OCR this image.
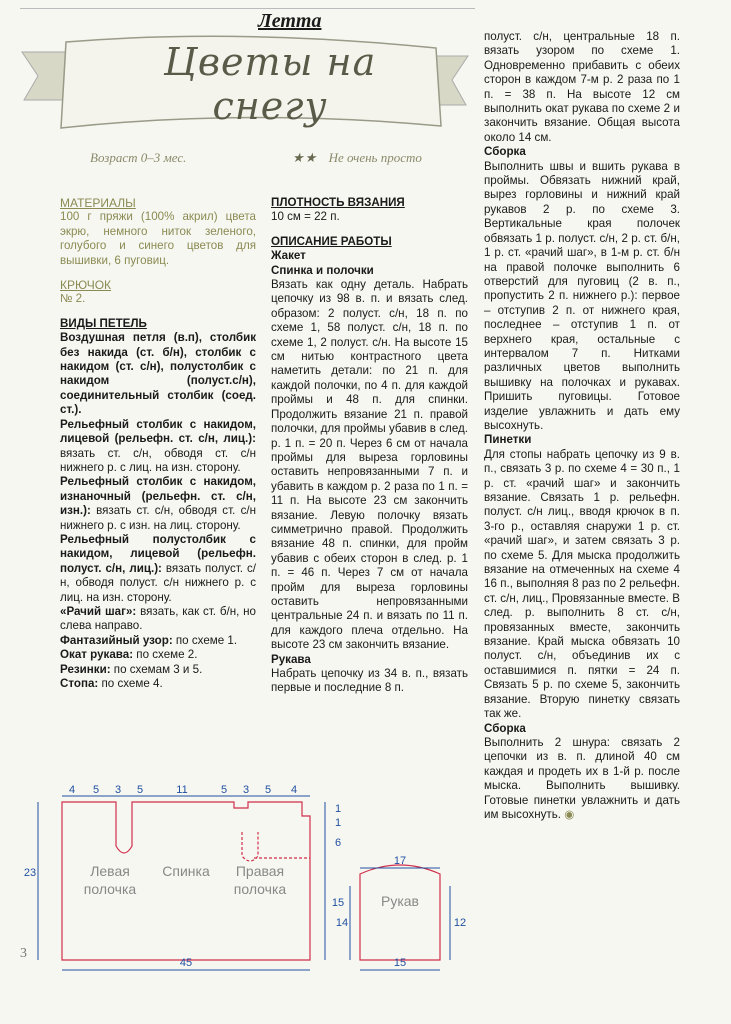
Летта
Цветы на снегу
Возраст 0–3 мес.	★★ Не очень просто

МАТЕРИАЛЫ

100 г пряжи (100% акрил) цвета экрю, немного ниток зеленого, голубого и синего цветов для вышивки, 6 пуговиц.

КРЮЧОК

№ 2.

ВИДЫ ПЕТЕЛЬ

Воздушная петля (в.п), столбик без накида (ст. б/н), столбик с накидом (ст. с/н), полустолбик с накидом (полуст.с/н), соединительный столбик (соед. ст.).

Рельефный столбик с накидом, лицевой (рельефн. ст. с/н, лиц.): вязать ст. с/н, обводя ст. с/н нижнего р. с лиц. на изн. сторону.

Рельефный столбик с накидом, изнаночный (рельефн. ст. с/н, изн.): вязать ст. с/н, обводя ст. с/н нижнего р. с изн. на лиц. сторону.

Рельефный полустолбик с накидом, лицевой (рельефн. полуст. с/н, лиц.): вязать полуст. с/н, обводя полуст. с/н нижнего р. с лиц. на изн. сторону.

«Рачий шаг»: вязать, как ст. б/н, но слева направо.

Фантазийный узор: по схеме 1.

Окат рукава: по схеме 2.

Резинки: по схемам 3 и 5.

Стопа: по схеме 4.

ПЛОТНОСТЬ ВЯЗАНИЯ

10 см = 22 п.

ОПИСАНИЕ РАБОТЫ

Жакет

Спинка и полочки

Вязать как одну деталь. Набрать цепочку из 98 в. п. и вязать след. образом: 2 полуст. с/н, 18 п. по схеме 1, 58 полуст. с/н, 18 п. по схеме 1, 2 полуст. с/н. На высоте 15 см нитью контрастного цвета наметить детали: по 21 п. для каждой полочки, по 4 п. для каждой проймы и 48 п. для спинки. Продолжить вязание 21 п. правой полочки, для проймы убавив в след. р. 1 п. = 20 п. Через 6 см от начала проймы для выреза горловины оставить непровязанными 7 п. и убавить в каждом р. 2 раза по 1 п. = 11 п. На высоте 23 см закончить вязание. Левую полочку вязать симметрично правой. Продолжить вязание 48 п. спинки, для пройм убавив с обеих сторон в след. р. 1 п. = 46 п. Через 7 см от начала пройм для выреза горловины оставить непровязанными центральные 24 п. и вязать по 11 п. для каждого плеча отдельно. На высоте 23 см закончить вязание.

Рукава

Набрать цепочку из 34 в. п., вязать первые и последние 8 п.

полуст. с/н, центральные 18 п. вязать узором по схеме 1. Одновременно прибавить с обеих сторон в каждом 7-м р. 2 раза по 1 п. = 38 п. На высоте 12 см выполнить окат рукава по схеме 2 и закончить вязание. Общая высота около 14 см.

Сборка

Выполнить швы и вшить рукава в проймы. Обвязать нижний край, вырез горловины и нижний край рукавов 2 р. по схеме 3. Вертикальные края полочек обвязать 1 р. полуст. с/н, 2 р. ст. б/н, 1 р. ст. «рачий шаг», в 1-м р. ст. б/н на правой полочке выполнить 6 отверстий для пуговиц (2 в. п., пропустить 2 п. нижнего р.): первое – отступив 2 п. от нижнего края, последнее – отступив 1 п. от верхнего края, остальные с интервалом 7 п. Нитками различных цветов выполнить вышивку на полочках и рукавах. Пришить пуговицы. Готовое изделие увлажнить и дать ему высохнуть.

Пинетки

Для стопы набрать цепочку из 9 в. п., связать 3 р. по схеме 4 = 30 п., 1 р. ст. «рачий шаг» и закончить вязание. Связать 1 р. рельефн. полуст. с/н лиц., вводя крючок в п. 3-го р., оставляя снаружи 1 р. ст. «рачий шаг», и затем связать 3 р. по схеме 5. Для мыска продолжить вязание на отмеченных на схеме 4 16 п., выполняя 8 раз по 2 рельефн. ст. с/н, лиц., Провязанные вместе. В след. р. выполнить 8 ст. с/н, провязанных вместе, закончить вязание. Край мыска обвязать 10 полуст. с/н, объединив их с оставшимися п. пятки = 24 п. Связать 5 р. по схеме 5, закончить вязание. Вторую пинетку связать так же.

Сборка

Выполнить 2 шнура: связать 2 цепочки из в. п. длиной 40 см каждая и продеть их в 1-й р. после мыска. Выполнить вышивку. Готовые пинетки увлажнить и дать им высохнуть. ◉

4 5 3 5	11	5 3 5 4
1
1
6
15
23
45
17
14	12
15
Левая
полочка
Спинка Правая
полочка
Рукав
3
